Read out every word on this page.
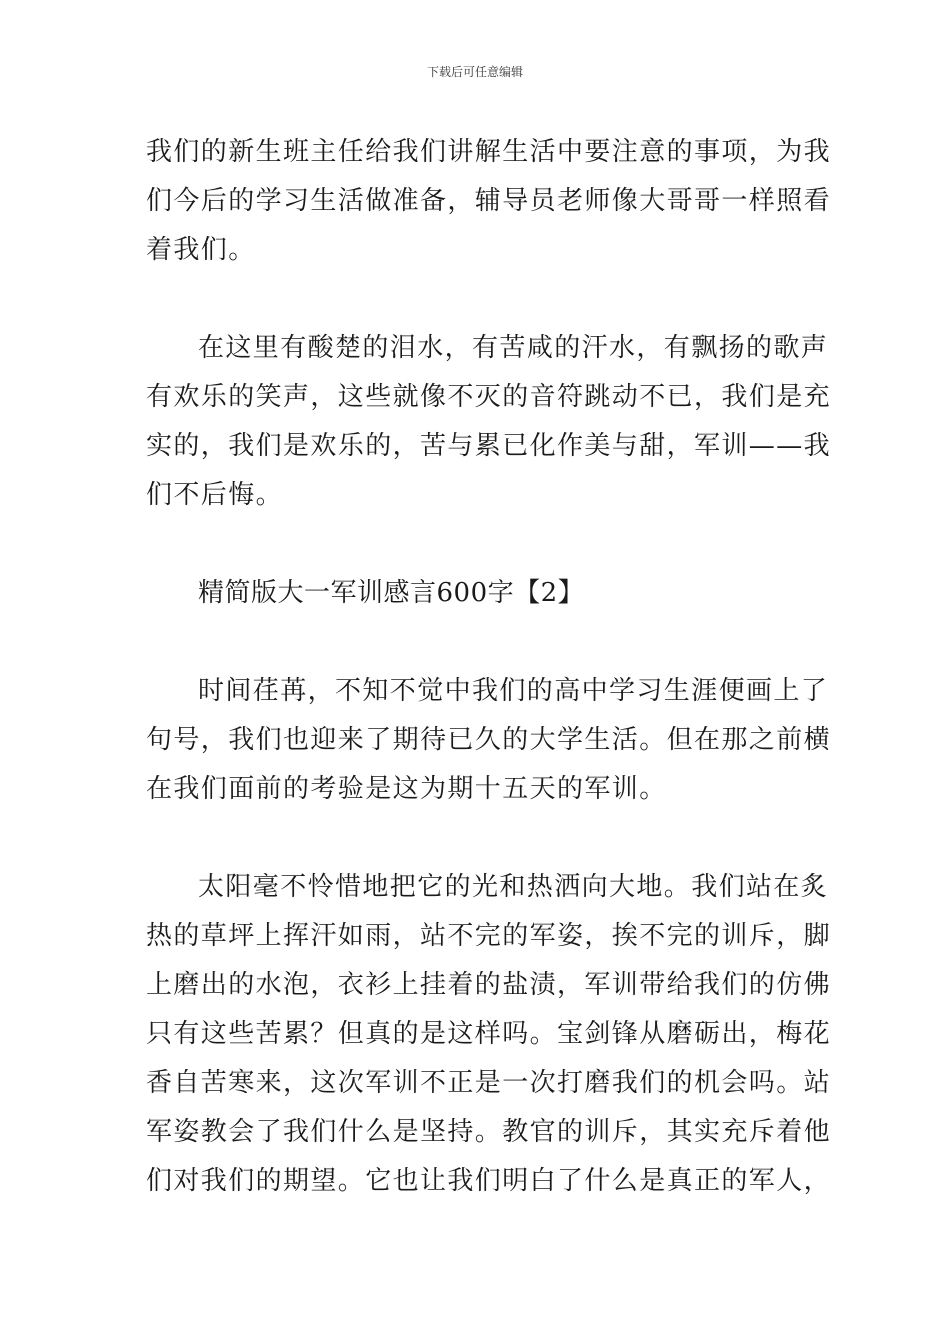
下载后可任意编辑
我们的新生班主任给我们讲解生活中要注意的事项，为我
们今后的学习生活做准备，辅导员老师像大哥哥一样照看
着我们。
在这里有酸楚的泪水，有苦咸的汗水，有飘扬的歌声
有欢乐的笑声，这些就像不灭的音符跳动不已，我们是充
实的，我们是欢乐的，苦与累已化作美与甜，军训——我
们不后悔。
精简版大一军训感言600字【2】
时间荏苒，不知不觉中我们的高中学习生涯便画上了
句号，我们也迎来了期待已久的大学生活。但在那之前横
在我们面前的考验是这为期十五天的军训。
太阳毫不怜惜地把它的光和热洒向大地。我们站在炙
热的草坪上挥汗如雨，站不完的军姿，挨不完的训斥，脚
上磨出的水泡，衣衫上挂着的盐渍，军训带给我们的仿佛
只有这些苦累？但真的是这样吗。宝剑锋从磨砺出，梅花
香自苦寒来，这次军训不正是一次打磨我们的机会吗。站
军姿教会了我们什么是坚持。教官的训斥，其实充斥着他
们对我们的期望。它也让我们明白了什么是真正的军人，
